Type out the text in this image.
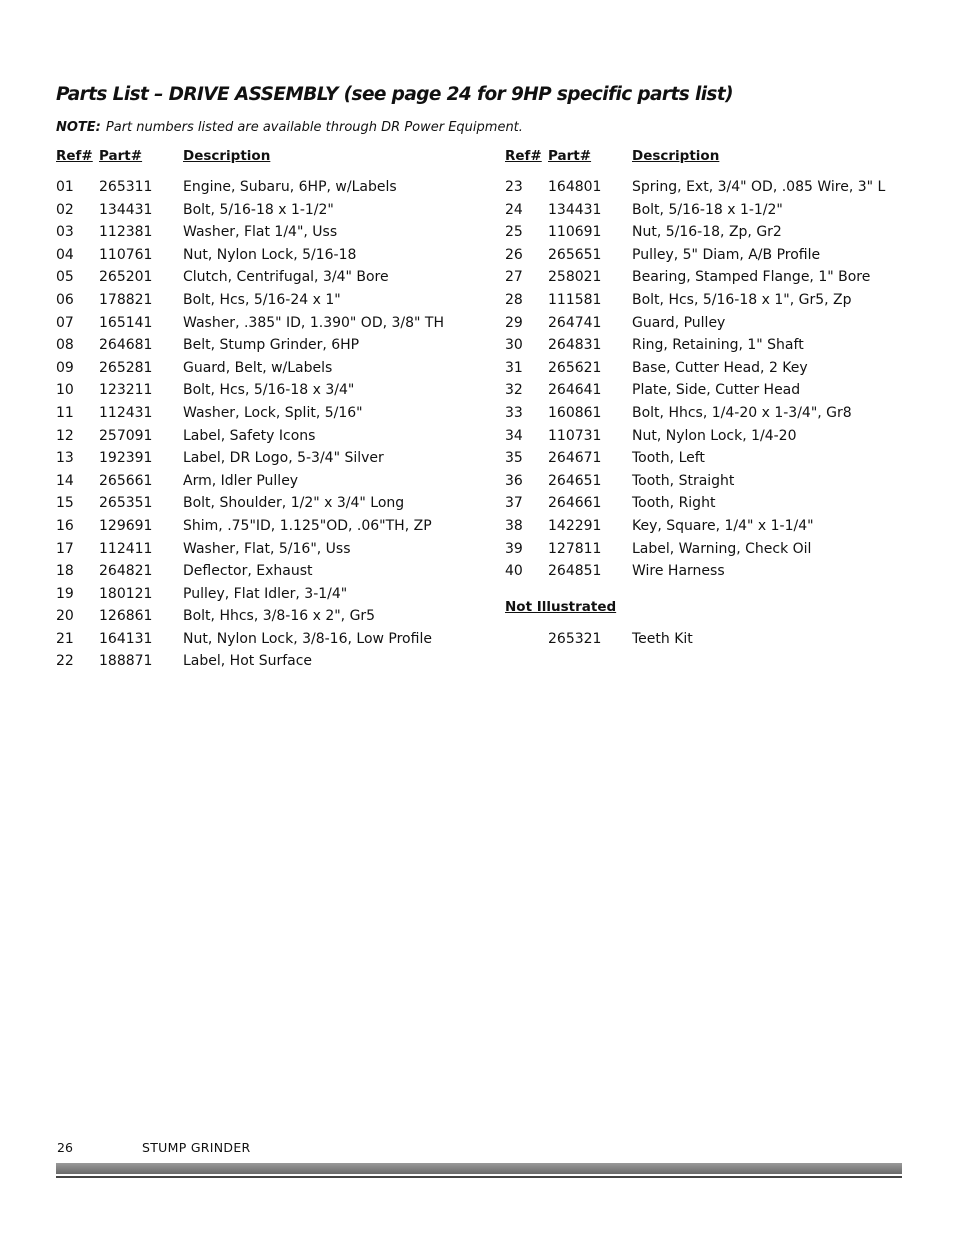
Parts List – DRIVE ASSEMBLY (see page 24 for 9HP specific parts list)
NOTE: Part numbers listed are available through DR Power Equipment.
Ref# Part#	Description
01 265311 Engine, Subaru, 6HP, w/Labels
02 134431 Bolt, 5/16-18 x 1-1/2"
03 112381 Washer, Flat 1/4", Uss
04 110761 Nut, Nylon Lock, 5/16-18
05 265201 Clutch, Centrifugal, 3/4" Bore
06 178821 Bolt, Hcs, 5/16-24 x 1"
07 165141 Washer, .385" ID, 1.390" OD, 3/8" TH
08 264681 Belt, Stump Grinder, 6HP
09 265281 Guard, Belt, w/Labels
10 123211 Bolt, Hcs, 5/16-18 x 3/4"
11 112431 Washer, Lock, Split, 5/16"
12 257091 Label, Safety Icons
13 192391 Label, DR Logo, 5-3/4" Silver
14 265661 Arm, Idler Pulley
15 265351 Bolt, Shoulder, 1/2" x 3/4" Long
16 129691 Shim, .75"ID, 1.125"OD, .06"TH, ZP
17 112411 Washer, Flat, 5/16", Uss
18 264821 Deflector, Exhaust
19 180121 Pulley, Flat Idler, 3-1/4"
20 126861 Bolt, Hhcs, 3/8-16 x 2", Gr5
21 164131 Nut, Nylon Lock, 3/8-16, Low Profile
22 188871 Label, Hot Surface
Ref# Part#	Description
23 164801 Spring, Ext, 3/4" OD, .085 Wire, 3" L
24 134431 Bolt, 5/16-18 x 1-1/2"
25 110691 Nut, 5/16-18, Zp, Gr2
26 265651 Pulley, 5" Diam, A/B Profile
27 258021 Bearing, Stamped Flange, 1" Bore
28 111581 Bolt, Hcs, 5/16-18 x 1", Gr5, Zp
29 264741 Guard, Pulley
30 264831 Ring, Retaining, 1" Shaft
31 265621 Base, Cutter Head, 2 Key
32 264641 Plate, Side, Cutter Head
33 160861 Bolt, Hhcs, 1/4-20 x 1-3/4", Gr8
34 110731 Nut, Nylon Lock, 1/4-20
35 264671 Tooth, Left
36 264651 Tooth, Straight
37 264661 Tooth, Right
38 142291 Key, Square, 1/4" x 1-1/4"
39 127811 Label, Warning, Check Oil
40 264851 Wire Harness
Not Illustrated
265321 Teeth Kit
26	STUMP GRINDER
